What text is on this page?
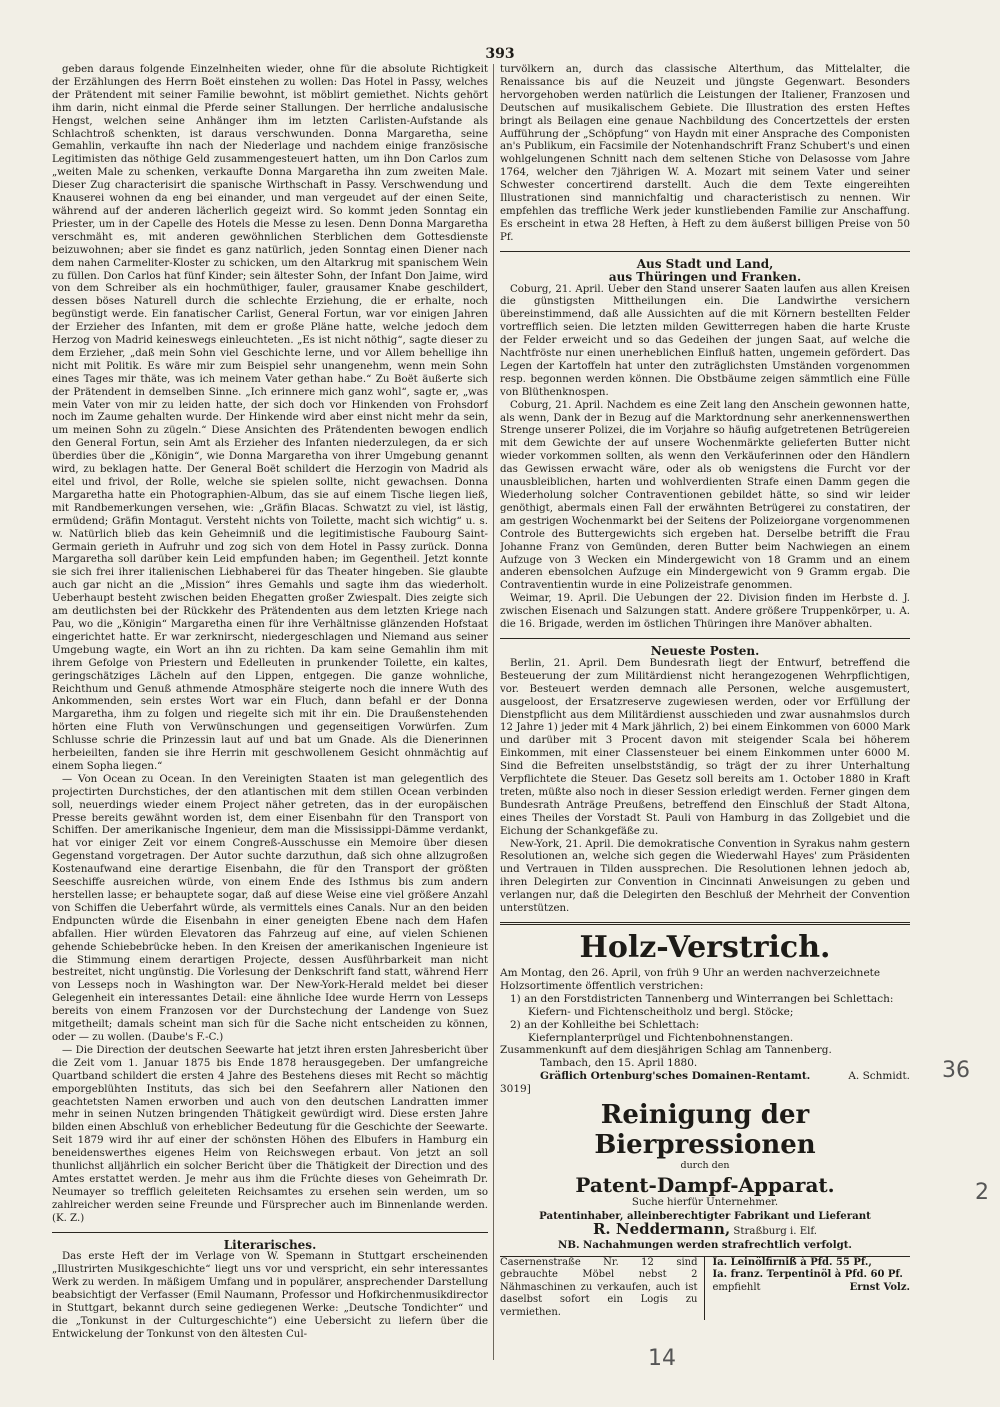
393

geben daraus folgende Einzelnheiten wieder, ohne für die absolute Richtigkeit der Erzählungen des Herrn Boët einstehen zu wollen: Das Hotel in Passy, welches der Prätendent mit seiner Familie bewohnt, ist möblirt gemiethet. Nichts gehört ihm darin, nicht einmal die Pferde seiner Stallungen. Der herrliche andalusische Hengst, welchen seine Anhänger ihm im letzten Carlisten-Aufstande als Schlachtroß schenkten, ist daraus verschwunden. Donna Margaretha, seine Gemahlin, verkaufte ihn nach der Niederlage und nachdem einige französische Legitimisten das nöthige Geld zusammengesteuert hatten, um ihn Don Carlos zum „weiten Male zu schenken, verkaufte Donna Margaretha ihn zum zweiten Male. Dieser Zug characterisirt die spanische Wirthschaft in Passy. Verschwendung und Knauserei wohnen da eng bei einander, und man vergeudet auf der einen Seite, während auf der anderen lächerlich gegeizt wird. So kommt jeden Sonntag ein Priester, um in der Capelle des Hotels die Messe zu lesen. Denn Donna Margaretha verschmäht es, mit anderen gewöhnlichen Sterblichen dem Gottesdienste beizuwohnen; aber sie findet es ganz natürlich, jeden Sonntag einen Diener nach dem nahen Carmeliter-Kloster zu schicken, um den Altarkrug mit spanischem Wein zu füllen. Don Carlos hat fünf Kinder; sein ältester Sohn, der Infant Don Jaime, wird von dem Schreiber als ein hochmüthiger, fauler, grausamer Knabe geschildert, dessen böses Naturell durch die schlechte Erziehung, die er erhalte, noch begünstigt werde. Ein fanatischer Carlist, General Fortun, war vor einigen Jahren der Erzieher des Infanten, mit dem er große Pläne hatte, welche jedoch dem Herzog von Madrid keineswegs einleuchteten. „Es ist nicht nöthig“, sagte dieser zu dem Erzieher, „daß mein Sohn viel Geschichte lerne, und vor Allem behellige ihn nicht mit Politik. Es wäre mir zum Beispiel sehr unangenehm, wenn mein Sohn eines Tages mir thäte, was ich meinem Vater gethan habe.“ Zu Boët äußerte sich der Prätendent in demselben Sinne. „Ich erinnere mich ganz wohl“, sagte er, „was mein Vater von mir zu leiden hatte, der sich doch vor Hinkenden von Frohsdorf noch im Zaume gehalten wurde. Der Hinkende wird aber einst nicht mehr da sein, um meinen Sohn zu zügeln.“ Diese Ansichten des Prätendenten bewogen endlich den General Fortun, sein Amt als Erzieher des Infanten niederzulegen, da er sich überdies über die „Königin“, wie Donna Margaretha von ihrer Umgebung genannt wird, zu beklagen hatte. Der General Boët schildert die Herzogin von Madrid als eitel und frivol, der Rolle, welche sie spielen sollte, nicht gewachsen. Donna Margaretha hatte ein Photographien-Album, das sie auf einem Tische liegen ließ, mit Randbemerkungen versehen, wie: „Gräfin Blacas. Schwatzt zu viel, ist lästig, ermüdend; Gräfin Montagut. Versteht nichts von Toilette, macht sich wichtig“ u. s. w. Natürlich blieb das kein Geheimniß und die legitimistische Faubourg Saint-Germain gerieth in Aufruhr und zog sich von dem Hotel in Passy zurück. Donna Margaretha soll darüber kein Leid empfunden haben; im Gegentheil. Jetzt konnte sie sich frei ihrer italienischen Liebhaberei für das Theater hingeben. Sie glaubte auch gar nicht an die „Mission“ ihres Gemahls und sagte ihm das wiederholt. Ueberhaupt besteht zwischen beiden Ehegatten großer Zwiespalt. Dies zeigte sich am deutlichsten bei der Rückkehr des Prätendenten aus dem letzten Kriege nach Pau, wo die „Königin“ Margaretha einen für ihre Verhältnisse glänzenden Hofstaat eingerichtet hatte. Er war zerknirscht, niedergeschlagen und Niemand aus seiner Umgebung wagte, ein Wort an ihn zu richten. Da kam seine Gemahlin ihm mit ihrem Gefolge von Priestern und Edelleuten in prunkender Toilette, ein kaltes, geringschätziges Lächeln auf den Lippen, entgegen. Die ganze wohnliche, Reichthum und Genuß athmende Atmosphäre steigerte noch die innere Wuth des Ankommenden, sein erstes Wort war ein Fluch, dann befahl er der Donna Margaretha, ihm zu folgen und riegelte sich mit ihr ein. Die Draußenstehenden hörten eine Fluth von Verwünschungen und gegenseitigen Vorwürfen. Zum Schlusse schrie die Prinzessin laut auf und bat um Gnade. Als die Dienerinnen herbeieilten, fanden sie ihre Herrin mit geschwollenem Gesicht ohnmächtig auf einem Sopha liegen.“

— Von Ocean zu Ocean. In den Vereinigten Staaten ist man gelegentlich des projectirten Durchstiches, der den atlantischen mit dem stillen Ocean verbinden soll, neuerdings wieder einem Project näher getreten, das in der europäischen Presse bereits gewähnt worden ist, dem einer Eisenbahn für den Transport von Schiffen. Der amerikanische Ingenieur, dem man die Mississippi-Dämme verdankt, hat vor einiger Zeit vor einem Congreß-Ausschusse ein Memoire über diesen Gegenstand vorgetragen. Der Autor suchte darzuthun, daß sich ohne allzugroßen Kostenaufwand eine derartige Eisenbahn, die für den Transport der größten Seeschiffe ausreichen würde, von einem Ende des Isthmus bis zum andern herstellen lasse; er behauptete sogar, daß auf diese Weise eine viel größere Anzahl von Schiffen die Ueberfahrt würde, als vermittels eines Canals. Nur an den beiden Endpuncten würde die Eisenbahn in einer geneigten Ebene nach dem Hafen abfallen. Hier würden Elevatoren das Fahrzeug auf eine, auf vielen Schienen gehende Schiebebrücke heben. In den Kreisen der amerikanischen Ingenieure ist die Stimmung einem derartigen Projecte, dessen Ausführbarkeit man nicht bestreitet, nicht ungünstig. Die Vorlesung der Denkschrift fand statt, während Herr von Lesseps noch in Washington war. Der New-York-Herald meldet bei dieser Gelegenheit ein interessantes Detail: eine ähnliche Idee wurde Herrn von Lesseps bereits von einem Franzosen vor der Durchstechung der Landenge von Suez mitgetheilt; damals scheint man sich für die Sache nicht entscheiden zu können, oder — zu wollen. (Daube's F.-C.)

— Die Direction der deutschen Seewarte hat jetzt ihren ersten Jahresbericht über die Zeit vom 1. Januar 1875 bis Ende 1878 herausgegeben. Der umfangreiche Quartband schildert die ersten 4 Jahre des Bestehens dieses mit Recht so mächtig emporgeblühten Instituts, das sich bei den Seefahrern aller Nationen den geachtetsten Namen erworben und auch von den deutschen Landratten immer mehr in seinen Nutzen bringenden Thätigkeit gewürdigt wird. Diese ersten Jahre bilden einen Abschluß von erheblicher Bedeutung für die Geschichte der Seewarte. Seit 1879 wird ihr auf einer der schönsten Höhen des Elbufers in Hamburg ein beneidenswerthes eigenes Heim von Reichswegen erbaut. Von jetzt an soll thunlichst alljährlich ein solcher Bericht über die Thätigkeit der Direction und des Amtes erstattet werden. Je mehr aus ihm die Früchte dieses von Geheimrath Dr. Neumayer so trefflich geleiteten Reichsamtes zu ersehen sein werden, um so zahlreicher werden seine Freunde und Fürsprecher auch im Binnenlande werden. (K. Z.)

Literarisches.

Das erste Heft der im Verlage von W. Spemann in Stuttgart erscheinenden „Illustrirten Musikgeschichte“ liegt uns vor und verspricht, ein sehr interessantes Werk zu werden. In mäßigem Umfang und in populärer, ansprechender Darstellung beabsichtigt der Verfasser (Emil Naumann, Professor und Hofkirchenmusikdirector in Stuttgart, bekannt durch seine gediegenen Werke: „Deutsche Tondichter“ und die „Tonkunst in der Culturgeschichte“) eine Uebersicht zu liefern über die Entwickelung der Tonkunst von den ältesten Cul-

turvölkern an, durch das classische Alterthum, das Mittelalter, die Renaissance bis auf die Neuzeit und jüngste Gegenwart. Besonders hervorgehoben werden natürlich die Leistungen der Italiener, Franzosen und Deutschen auf musikalischem Gebiete. Die Illustration des ersten Heftes bringt als Beilagen eine genaue Nachbildung des Concertzettels der ersten Aufführung der „Schöpfung“ von Haydn mit einer Ansprache des Componisten an's Publikum, ein Facsimile der Notenhandschrift Franz Schubert's und einen wohlgelungenen Schnitt nach dem seltenen Stiche von Delasosse vom Jahre 1764, welcher den 7jährigen W. A. Mozart mit seinem Vater und seiner Schwester concertirend darstellt. Auch die dem Texte eingereihten Illustrationen sind mannichfaltig und characteristisch zu nennen. Wir empfehlen das treffliche Werk jeder kunstliebenden Familie zur Anschaffung. Es erscheint in etwa 28 Heften, à Heft zu dem äußerst billigen Preise von 50 Pf.

Aus Stadt und Land,

aus Thüringen und Franken.

Coburg, 21. April. Ueber den Stand unserer Saaten laufen aus allen Kreisen die günstigsten Mittheilungen ein. Die Landwirthe versichern übereinstimmend, daß alle Aussichten auf die mit Körnern bestellten Felder vortrefflich seien. Die letzten milden Gewitterregen haben die harte Kruste der Felder erweicht und so das Gedeihen der jungen Saat, auf welche die Nachtfröste nur einen unerheblichen Einfluß hatten, ungemein gefördert. Das Legen der Kartoffeln hat unter den zuträglichsten Umständen vorgenommen resp. begonnen werden können. Die Obstbäume zeigen sämmtlich eine Fülle von Blüthenknospen.

Coburg, 21. April. Nachdem es eine Zeit lang den Anschein gewonnen hatte, als wenn, Dank der in Bezug auf die Marktordnung sehr anerkennenswerthen Strenge unserer Polizei, die im Vorjahre so häufig aufgetretenen Betrügereien mit dem Gewichte der auf unsere Wochenmärkte gelieferten Butter nicht wieder vorkommen sollten, als wenn den Verkäuferinnen oder den Händlern das Gewissen erwacht wäre, oder als ob wenigstens die Furcht vor der unausbleiblichen, harten und wohlverdienten Strafe einen Damm gegen die Wiederholung solcher Contraventionen gebildet hätte, so sind wir leider genöthigt, abermals einen Fall der erwähnten Betrügerei zu constatiren, der am gestrigen Wochenmarkt bei der Seitens der Polizeiorgane vorgenommenen Controle des Buttergewichts sich ergeben hat. Derselbe betrifft die Frau Johanne Franz von Gemünden, deren Butter beim Nachwiegen an einem Aufzuge von 3 Wecken ein Mindergewicht von 18 Gramm und an einem anderen ebensolchen Aufzuge ein Mindergewicht von 9 Gramm ergab. Die Contraventientin wurde in eine Polizeistrafe genommen.

Weimar, 19. April. Die Uebungen der 22. Division finden im Herbste d. J. zwischen Eisenach und Salzungen statt. Andere größere Truppenkörper, u. A. die 16. Brigade, werden im östlichen Thüringen ihre Manöver abhalten.

Neueste Posten.

Berlin, 21. April. Dem Bundesrath liegt der Entwurf, betreffend die Besteuerung der zum Militärdienst nicht herangezogenen Wehrpflichtigen, vor. Besteuert werden demnach alle Personen, welche ausgemustert, ausgeloost, der Ersatzreserve zugewiesen werden, oder vor Erfüllung der Dienstpflicht aus dem Militärdienst ausschieden und zwar ausnahmslos durch 12 Jahre 1) jeder mit 4 Mark jährlich, 2) bei einem Einkommen von 6000 Mark und darüber mit 3 Procent davon mit steigender Scala bei höherem Einkommen, mit einer Classensteuer bei einem Einkommen unter 6000 M. Sind die Befreiten unselbstständig, so trägt der zu ihrer Unterhaltung Verpflichtete die Steuer. Das Gesetz soll bereits am 1. October 1880 in Kraft treten, müßte also noch in dieser Session erledigt werden. Ferner gingen dem Bundesrath Anträge Preußens, betreffend den Einschluß der Stadt Altona, eines Theiles der Vorstadt St. Pauli von Hamburg in das Zollgebiet und die Eichung der Schankgefäße zu.

New-York, 21. April. Die demokratische Convention in Syrakus nahm gestern Resolutionen an, welche sich gegen die Wiederwahl Hayes' zum Präsidenten und Vertrauen in Tilden aussprechen. Die Resolutionen lehnen jedoch ab, ihren Delegirten zur Convention in Cincinnati Anweisungen zu geben und verlangen nur, daß die Delegirten den Beschluß der Mehrheit der Convention unterstützen.

Holz-Verstrich.
Am Montag, den 26. April, von früh 9 Uhr an werden nachverzeichnete Holzsortimente öffentlich verstrichen:
1) an den Forstdistricten Tannenberg und Winterrangen bei Schlettach:
Kiefern- und Fichtenscheitholz und bergl. Stöcke;
2) an der Kohlleithe bei Schlettach:
Kiefernplanterprügel und Fichtenbohnenstangen.
Zusammenkunft auf dem diesjährigen Schlag am Tannenberg.
Tambach, den 15. April 1880.
Gräflich Ortenburg'sches Domainen-Rentamt.	A. Schmidt.
3019]
Reinigung der Bierpressionen
durch den
Patent-Dampf-Apparat.
Suche hierfür Unternehmer.
Patentinhaber, alleinberechtigter Fabrikant und Lieferant
R. Neddermann, Straßburg i. Elf.
NB. Nachahmungen werden strafrechtlich verfolgt.
Casernenstraße Nr. 12 sind gebrauchte Möbel nebst 2 Nähmaschinen zu verkaufen, auch ist daselbst sofort ein Logis zu vermiethen.
Ia. Leinölfirniß à Pfd. 55 Pf.,
Ia. franz. Terpentinöl à Pfd. 60 Pf.
empfiehlt	Ernst Volz.
36
2
14
